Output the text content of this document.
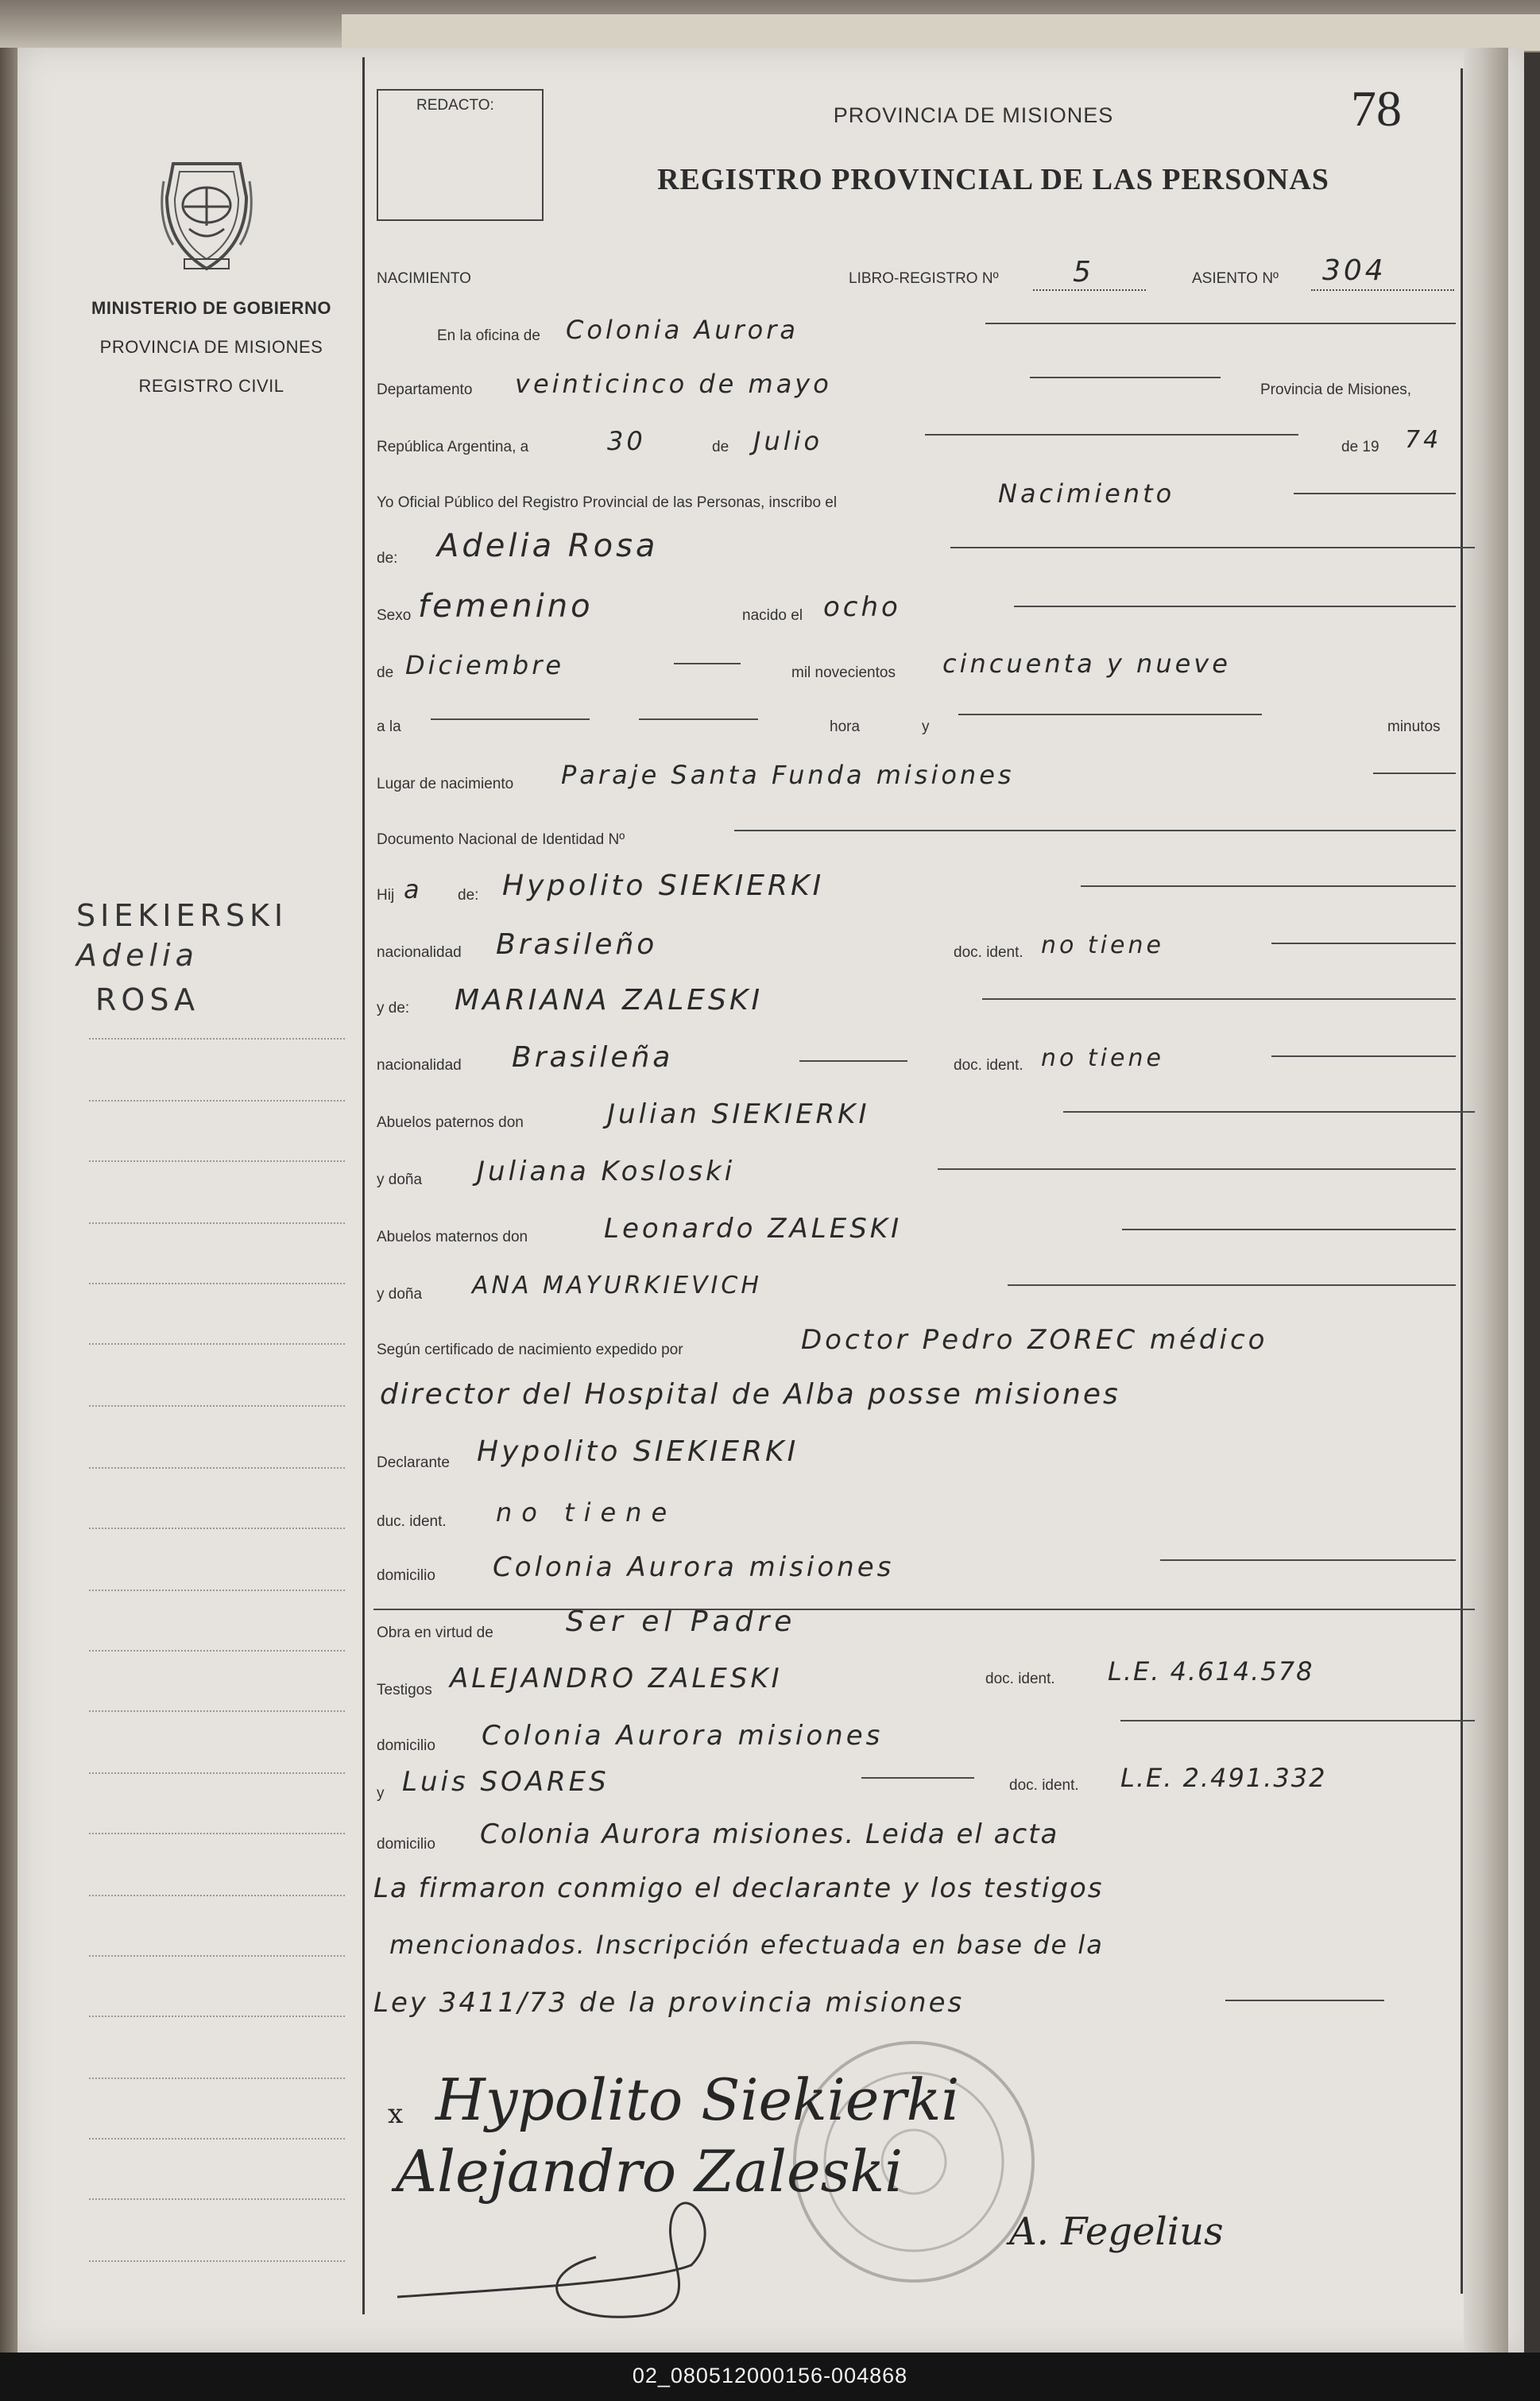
MINISTERIO DE GOBIERNO
PROVINCIA DE MISIONES
REGISTRO CIVIL
SIEKIERSKI
Adelia
ROSA
REDACTO:	PROVINCIA DE MISIONES
REGISTRO PROVINCIAL DE LAS PERSONAS
78
NACIMIENTO	LIBRO-REGISTRO Nº	5	ASIENTO Nº 304
En la oficina de Colonia Aurora
Departamento veinticinco de mayo	Provincia de Misiones,
República Argentina, a	30	de Julio	de 19 74
Yo Oficial Público del Registro Provincial de las Personas, inscribo el	Nacimiento
de: Adelia Rosa
Sexo femenino	nacido el ocho
de Diciembre	mil novecientos cincuenta y nueve
a la	hora	y	minutos
Lugar de nacimiento Paraje Santa Funda misiones
Documento Nacional de Identidad Nº
Hij a de: Hypolito SIEKIERKI
nacionalidad Brasileño	doc. ident. no tiene
y de: MARIANA ZALESKI
nacionalidad Brasileña	doc. ident. no tiene
Abuelos paternos don	Julian SIEKIERKI
y doña Juliana Kosloski
Abuelos maternos don	Leonardo ZALESKI
y doña ANA MAYURKIEVICH
Según certificado de nacimiento expedido por	Doctor Pedro ZOREC médico
director del Hospital de Alba posse misiones
Declarante Hypolito SIEKIERKI
duc. ident. no tiene
domicilio Colonia Aurora misiones
Obra en virtud de	Ser el Padre
Testigos ALEJANDRO ZALESKI	doc. ident. L.E. 4.614.578
domicilio Colonia Aurora misiones
y Luis SOARES	doc. ident. L.E. 2.491.332
domicilio Colonia Aurora misiones. Leida el acta
La firmaron conmigo el declarante y los testigos
mencionados. Inscripción efectuada en base de la
Ley 3411/73 de la provincia misiones
x Hypolito Siekierki
Alejandro Zaleski
A. Fegelius
02_080512000156-004868
